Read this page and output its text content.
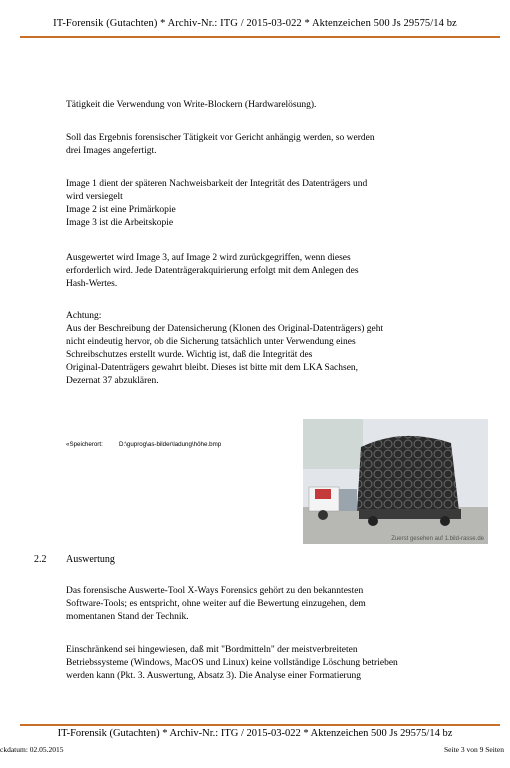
IT-Forensik (Gutachten) * Archiv-Nr.: ITG / 2015-03-022 * Aktenzeichen 500 Js 29575/14 bz
Tätigkeit die Verwendung von Write-Blockern (Hardwarelösung).
Soll das Ergebnis forensischer Tätigkeit vor Gericht anhängig werden, so werden
drei Images angefertigt.
Image 1 dient der späteren Nachweisbarkeit der Integrität des Datenträgers und
wird versiegelt
Image 2 ist eine Primärkopie
Image 3 ist die Arbeitskopie
Ausgewertet wird Image 3, auf Image 2 wird zurückgegriffen, wenn dieses
erforderlich wird. Jede Datenträgerakquirierung erfolgt mit dem Anlegen des
Hash-Wertes.
Achtung:
Aus der Beschreibung der Datensicherung (Klonen des Original-Datenträgers) geht
nicht eindeutig hervor, ob die Sicherung tatsächlich unter Verwendung eines
Schreibschutzes erstellt wurde. Wichtig ist, daß die Integrität des
Original-Datenträgers gewahrt bleibt. Dieses ist bitte mit dem LKA Sachsen,
Dezernat 37 abzuklären.
«Speicherort:	D:\guprog\as-bilder\ladung\höhe.bmp
Zuerst gesehen auf 1.bild-rasse.de
2.2 Auswertung
Das forensische Auswerte-Tool X-Ways Forensics gehört zu den bekanntesten
Software-Tools; es entspricht, ohne weiter auf die Bewertung einzugehen, dem
momentanen Stand der Technik.
Einschränkend sei hingewiesen, daß mit "Bordmitteln" der meistverbreiteten
Betriebssysteme (Windows, MacOS und Linux) keine vollständige Löschung betrieben
werden kann (Pkt. 3. Auswertung, Absatz 3). Die Analyse einer Formatierung
IT-Forensik (Gutachten) * Archiv-Nr.: ITG / 2015-03-022 * Aktenzeichen 500 Js 29575/14 bz
ckdatum: 02.05.2015	Seite 3 von 9 Seiten
